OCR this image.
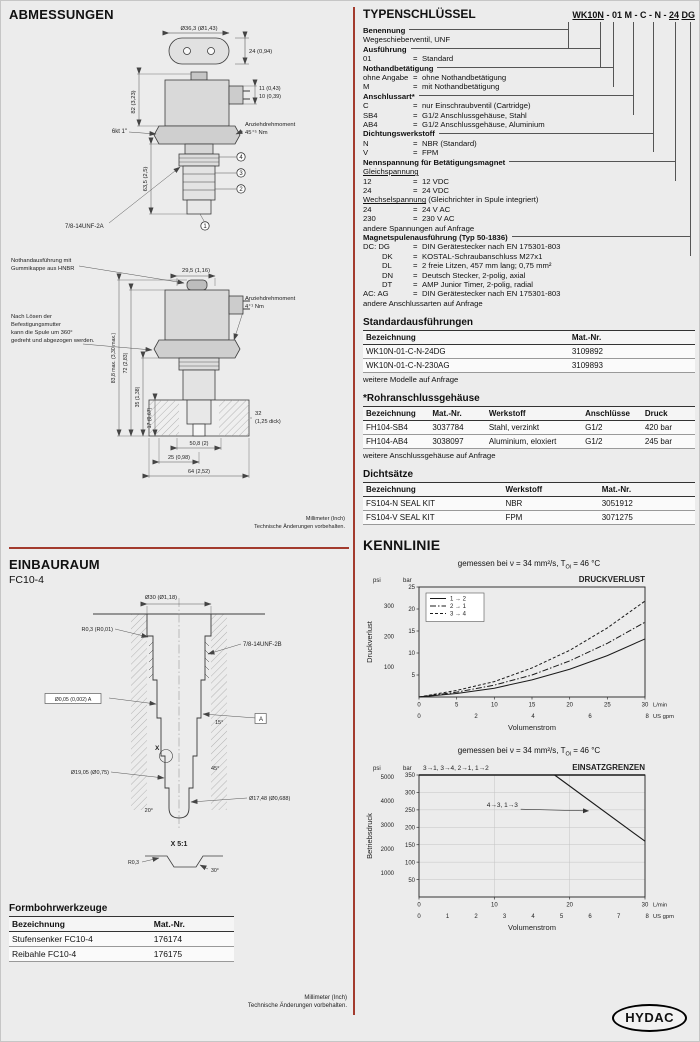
ABMESSUNGEN
Ø36,3 (Ø1,43)
24 (0,94)
82 (3,23)
11 (0,43)
10 (0,39)
6kt 1"
Anziehdrehmoment
45⁺⁵ Nm
63,5 (2,5)
4
3
2
1
7/8-14UNF-2A
Nothandausführung mit
Gummikappe aus HNBR	29,5 (1,16)
Anziehdrehmoment
4⁺¹ Nm
Nach Lösen der
Befestigungsmutter
kann die Spule um 360°
gedreht und abgezogen werden.	83,8 max. (3,30 max.) 72 (2,83)
35 (1,38)
17 (0,67)	32
(1,25 dick)
50,8 (2)
25 (0,98)
64 (2,52)
Millimeter (Inch)
Technische Änderungen vorbehalten.
EINBAURAUM
FC10-4
Ø30 (Ø1,18)
7/8-14UNF-2B
Ø0,05 (0,002) A
A
Ø19,05 (Ø0,75)
Ø17,48 (Ø0,688)
R0,3 (R0,01)
15°
45°
20°
X
X 5:1
R0,3
30°
Formbohrwerkzeuge
Bezeichnung	Mat.-Nr.
Stufensenker FC10-4	176174
Reibahle FC10-4	176175
Millimeter (Inch)
Technische Änderungen vorbehalten.
TYPENSCHLÜSSEL	WK10N - 01 M - C - N - 24 DG
Benennung
Wegeschieberventil, UNF
Ausführung
01	= Standard
Nothandbetätigung
ohne Angabe = ohne Nothandbetätigung
M	= mit Nothandbetätigung
Anschlussart*
C	= nur Einschraubventil (Cartridge)
SB4	= G1/2 Anschlussgehäuse, Stahl
AB4	= G1/2 Anschlussgehäuse, Aluminium
Dichtungswerkstoff
N	= NBR (Standard)
V	= FPM
Nennspannung für Betätigungsmagnet
Gleichspannung
12	= 12 VDC
24	= 24 VDC
Wechselspannung (Gleichrichter in Spule integriert)
24	= 24 V AC
230	= 230 V AC
andere Spannungen auf Anfrage
Magnetspulenausführung (Typ 50-1836)
DC: DG	= DIN Gerätestecker nach EN 175301-803
DK	= KOSTAL-Schraubanschluss M27x1
DL	= 2 freie Litzen, 457 mm lang; 0,75 mm²
DN	= Deutsch Stecker, 2-polig, axial
DT	= AMP Junior Timer, 2-polig, radial
AC: AG	= DIN Gerätestecker nach EN 175301-803
andere Anschlussarten auf Anfrage
Standardausführungen
Bezeichnung	Mat.-Nr.
WK10N-01-C-N-24DG	3109892
WK10N-01-C-N-230AG	3109893
weitere Modelle auf Anfrage
*Rohranschlussgehäuse
Bezeichnung	Mat.-Nr.	Werkstoff	Anschlüsse	Druck
FH104-SB4	3037784	Stahl, verzinkt	G1/2	420 bar
FH104-AB4	3038097	Aluminium, eloxiert	G1/2	245 bar
weitere Anschlussgehäuse auf Anfrage
Dichtsätze
Bezeichnung	Werkstoff	Mat.-Nr.
FS104-N SEAL KIT	NBR	3051912
FS104-V SEAL KIT	FPM	3071275
KENNLINIE
gemessen bei ν = 34 mm²/s, $T_{Öl} = 46$ °C
5
10
15
20
25
100
200
300
psi	bar
0	5	10	15	20	25	30 L/min
0	2	4	6	8 US gpm
Volumenstrom
Druckverlust
DRUCKVERLUST
1 → 2
2 → 1
3 → 4
gemessen bei ν = 34 mm²/s, $T_{Öl} = 46$ °C
50
100
150
200
250
300
350
1000
2000
3000
4000
5000
psi	bar
0	10	20	30 L/min
0	1	2	3	4	5	6	7	8 US gpm
Volumenstrom
Betriebsdruck
EINSATZGRENZEN
3→1, 3→4, 2→1, 1→2
4→3, 1→3
HYDAC
